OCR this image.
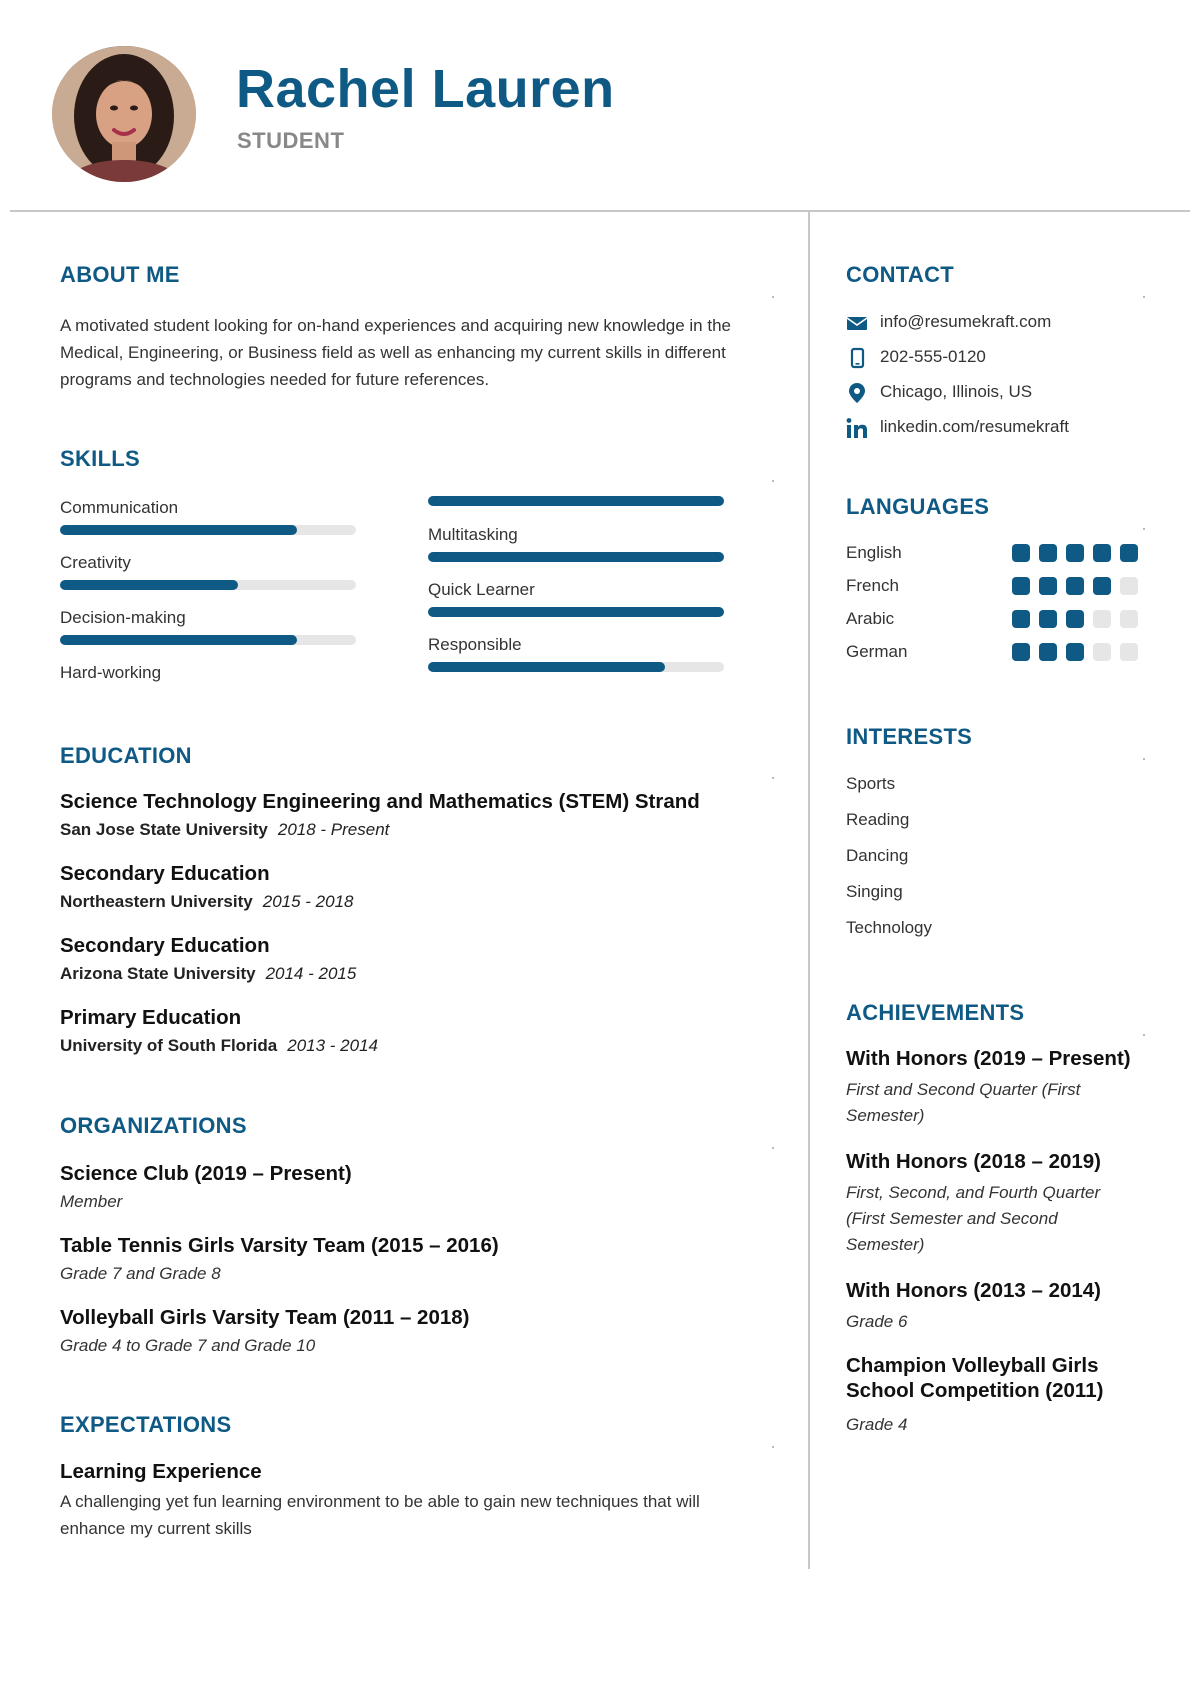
Rachel Lauren
STUDENT
ABOUT ME
A motivated student looking for on-hand experiences and acquiring new knowledge in the Medical, Engineering, or Business field as well as enhancing my current skills in different programs and technologies needed for future references.
SKILLS
Communication
Creativity
Decision-making
Hard-working
Multitasking
Quick Learner
Responsible
EDUCATION
Science Technology Engineering and Mathematics (STEM) Strand
San Jose State University 2018 - Present
Secondary Education
Northeastern University 2015 - 2018
Secondary Education
Arizona State University 2014 - 2015
Primary Education
University of South Florida 2013 - 2014
ORGANIZATIONS
Science Club (2019 – Present)
Member
Table Tennis Girls Varsity Team (2015 – 2016)
Grade 7 and Grade 8
Volleyball Girls Varsity Team (2011 – 2018)
Grade 4 to Grade 7 and Grade 10
EXPECTATIONS
Learning Experience
A challenging yet fun learning environment to be able to gain new techniques that will enhance my current skills
CONTACT
info@resumekraft.com
202-555-0120
Chicago, Illinois, US
linkedin.com/resumekraft
LANGUAGES
English
French
Arabic
German
INTERESTS
Sports
Reading
Dancing
Singing
Technology
ACHIEVEMENTS
With Honors (2019 – Present)
First and Second Quarter (First Semester)
With Honors (2018 – 2019)
First, Second, and Fourth Quarter (First Semester and Second Semester)
With Honors (2013 – 2014)
Grade 6
Champion Volleyball Girls School Competition (2011)
Grade 4
